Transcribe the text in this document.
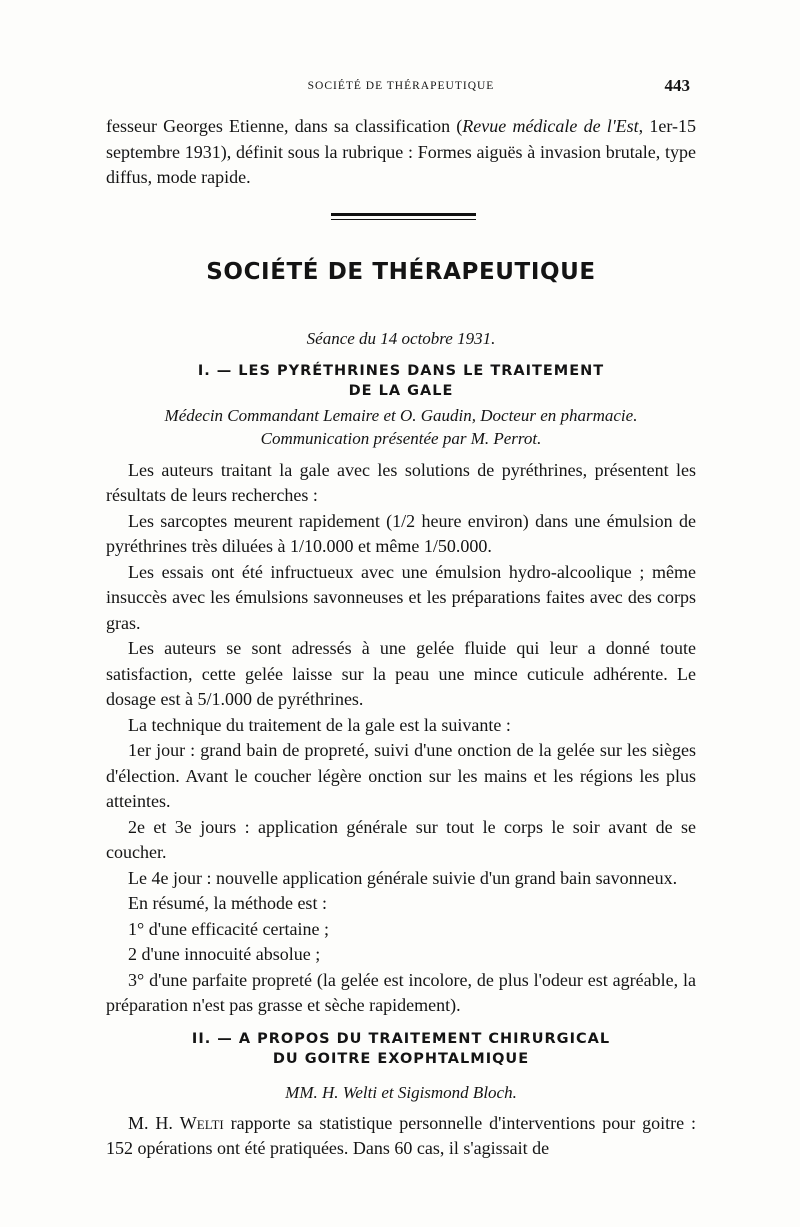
SOCIÉTÉ DE THÉRAPEUTIQUE	443

fesseur Georges Etienne, dans sa classification (Revue médicale de l'Est, 1er-15 septembre 1931), définit sous la rubrique : Formes aiguës à invasion brutale, type diffus, mode rapide.

SOCIÉTÉ DE THÉRAPEUTIQUE
Séance du 14 octobre 1931.
I. — LES PYRÉTHRINES DANS LE TRAITEMENT
DE LA GALE
Médecin Commandant Lemaire et O. Gaudin, Docteur en pharmacie.
Communication présentée par M. Perrot.

Les auteurs traitant la gale avec les solutions de pyréthrines, présentent les résultats de leurs recherches :

Les sarcoptes meurent rapidement (1/2 heure environ) dans une émulsion de pyréthrines très diluées à 1/10.000 et même 1/50.000.

Les essais ont été infructueux avec une émulsion hydro-alcoolique ; même insuccès avec les émulsions savonneuses et les préparations faites avec des corps gras.

Les auteurs se sont adressés à une gelée fluide qui leur a donné toute satisfaction, cette gelée laisse sur la peau une mince cuticule adhérente. Le dosage est à 5/1.000 de pyréthrines.

La technique du traitement de la gale est la suivante :

1er jour : grand bain de propreté, suivi d'une onction de la gelée sur les sièges d'élection. Avant le coucher légère onction sur les mains et les régions les plus atteintes.

2e et 3e jours : application générale sur tout le corps le soir avant de se coucher.

Le 4e jour : nouvelle application générale suivie d'un grand bain savonneux.

En résumé, la méthode est :

1° d'une efficacité certaine ;

2 d'une innocuité absolue ;

3° d'une parfaite propreté (la gelée est incolore, de plus l'odeur est agréable, la préparation n'est pas grasse et sèche rapidement).

II. — A PROPOS DU TRAITEMENT CHIRURGICAL
DU GOITRE EXOPHTALMIQUE
MM. H. Welti et Sigismond Bloch.

M. H. Welti rapporte sa statistique personnelle d'interventions pour goitre : 152 opérations ont été pratiquées. Dans 60 cas, il s'agissait de
